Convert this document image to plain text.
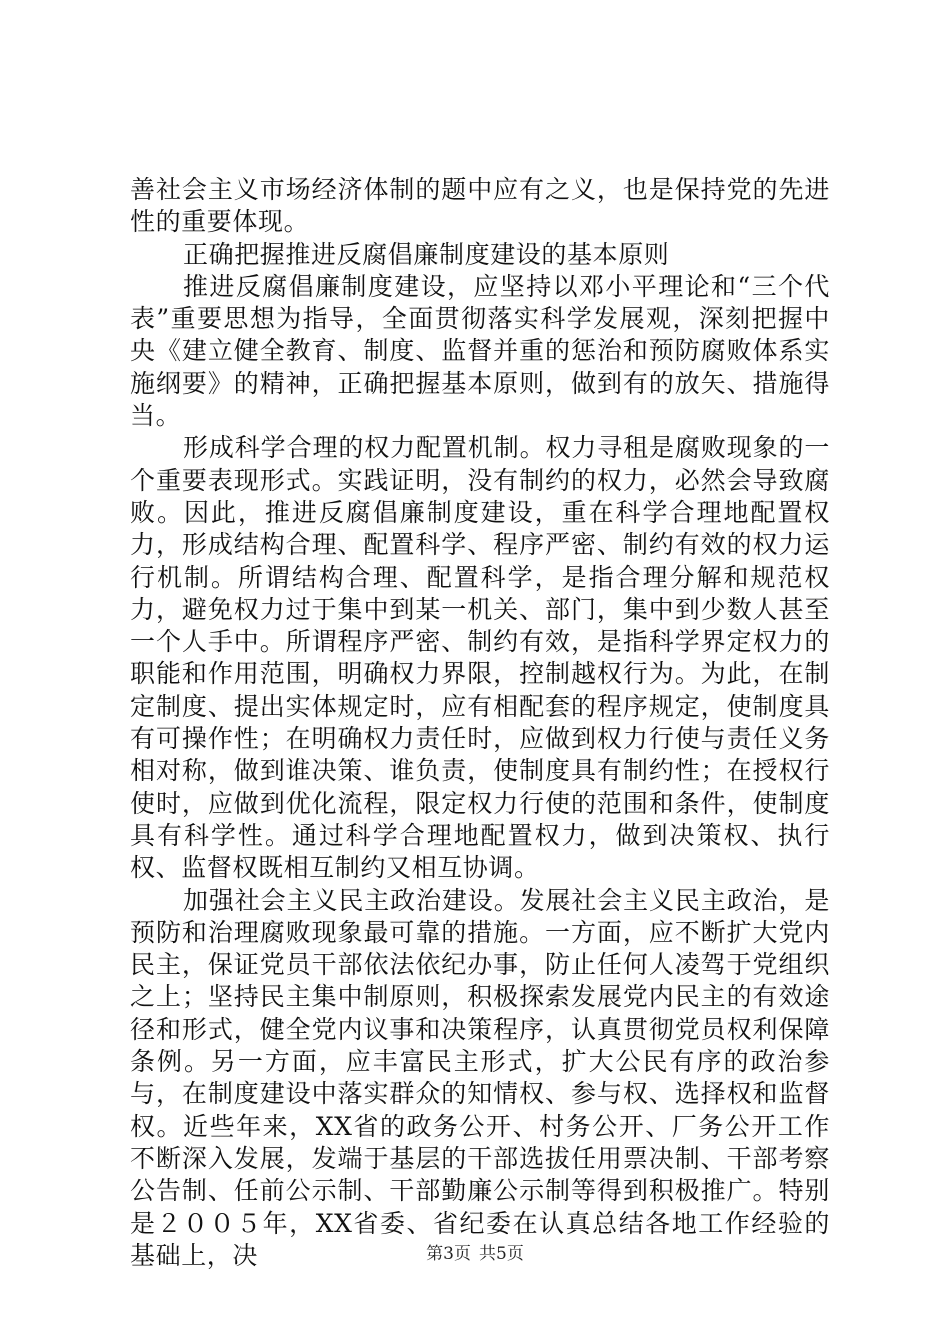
善社会主义市场经济体制的题中应有之义，也是保持党的先进性的重要体现。

正确把握推进反腐倡廉制度建设的基本原则

推进反腐倡廉制度建设，应坚持以邓小平理论和“三个代表”重要思想为指导，全面贯彻落实科学发展观，深刻把握中央《建立健全教育、制度、监督并重的惩治和预防腐败体系实施纲要》的精神，正确把握基本原则，做到有的放矢、措施得当。

形成科学合理的权力配置机制。权力寻租是腐败现象的一个重要表现形式。实践证明，没有制约的权力，必然会导致腐败。因此，推进反腐倡廉制度建设，重在科学合理地配置权力，形成结构合理、配置科学、程序严密、制约有效的权力运行机制。所谓结构合理、配置科学，是指合理分解和规范权力，避免权力过于集中到某一机关、部门，集中到少数人甚至一个人手中。所谓程序严密、制约有效，是指科学界定权力的职能和作用范围，明确权力界限，控制越权行为。为此，在制定制度、提出实体规定时，应有相配套的程序规定，使制度具有可操作性；在明确权力责任时，应做到权力行使与责任义务相对称，做到谁决策、谁负责，使制度具有制约性；在授权行使时，应做到优化流程，限定权力行使的范围和条件，使制度具有科学性。通过科学合理地配置权力，做到决策权、执行权、监督权既相互制约又相互协调。

加强社会主义民主政治建设。发展社会主义民主政治，是预防和治理腐败现象最可靠的措施。一方面，应不断扩大党内民主，保证党员干部依法依纪办事，防止任何人凌驾于党组织之上；坚持民主集中制原则，积极探索发展党内民主的有效途径和形式，健全党内议事和决策程序，认真贯彻党员权利保障条例。另一方面，应丰富民主形式，扩大公民有序的政治参与，在制度建设中落实群众的知情权、参与权、选择权和监督权。近些年来，XX省的政务公开、村务公开、厂务公开工作不断深入发展，发端于基层的干部选拔任用票决制、干部考察公告制、任前公示制、干部勤廉公示制等得到积极推广。特别是２００５年，XX省委、省纪委在认真总结各地工作经验的基础上，决	第3页 共5页
